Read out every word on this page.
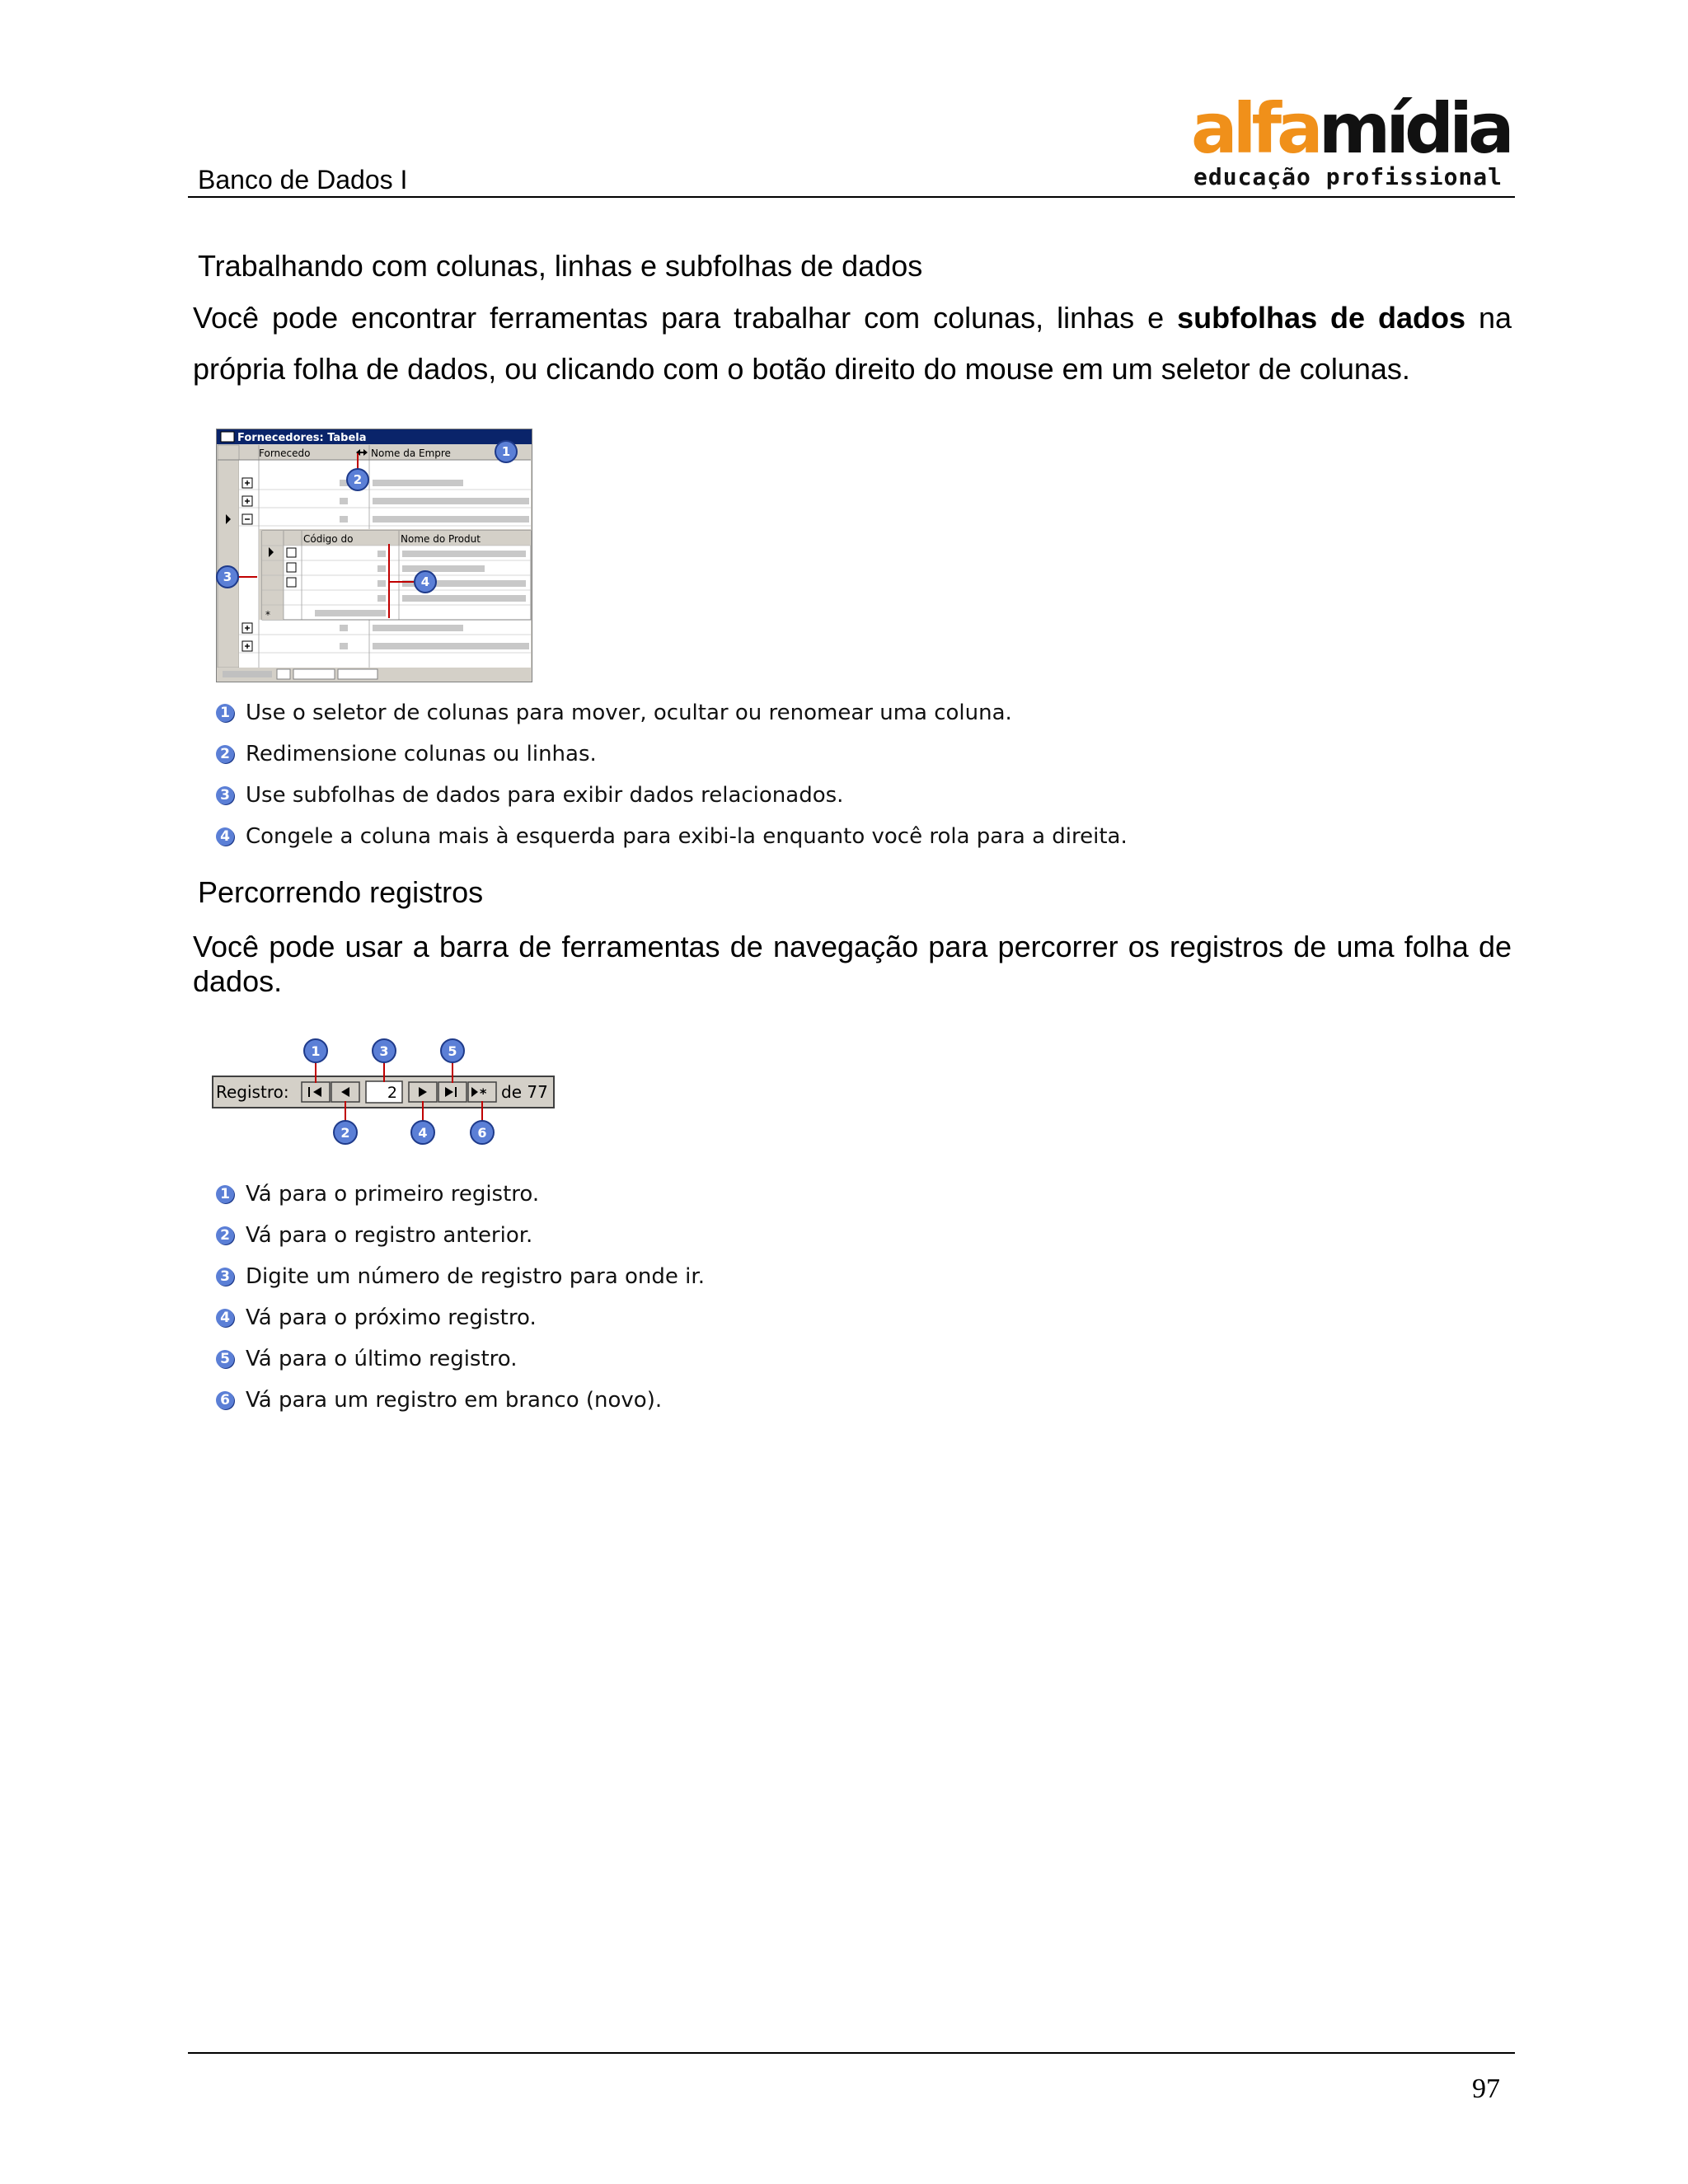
Banco de Dados I
alfamídia
educação profissional
Trabalhando com colunas, linhas e subfolhas de dados
Você pode encontrar ferramentas para trabalhar com colunas, linhas e subfolhas de dados na própria folha de dados, ou clicando com o botão direito do mouse em um seletor de colunas.
Fornecedores: Tabela
Fornecedo	Nome da Empre
Código do	Nome do Produt
*
1
2
3	4
1 Use o seletor de colunas para mover, ocultar ou renomear uma coluna.
2 Redimensione colunas ou linhas.
3 Use subfolhas de dados para exibir dados relacionados.
4 Congele a coluna mais à esquerda para exibi-la enquanto você rola para a direita.
Percorrendo registros
Você pode usar a barra de ferramentas de navegação para percorrer os registros de uma folha de dados.
Registro:	2	de 77
*
1
2
3
4
5
6
1 Vá para o primeiro registro.
2 Vá para o registro anterior.
3 Digite um número de registro para onde ir.
4 Vá para o próximo registro.
5 Vá para o último registro.
6 Vá para um registro em branco (novo).
97
